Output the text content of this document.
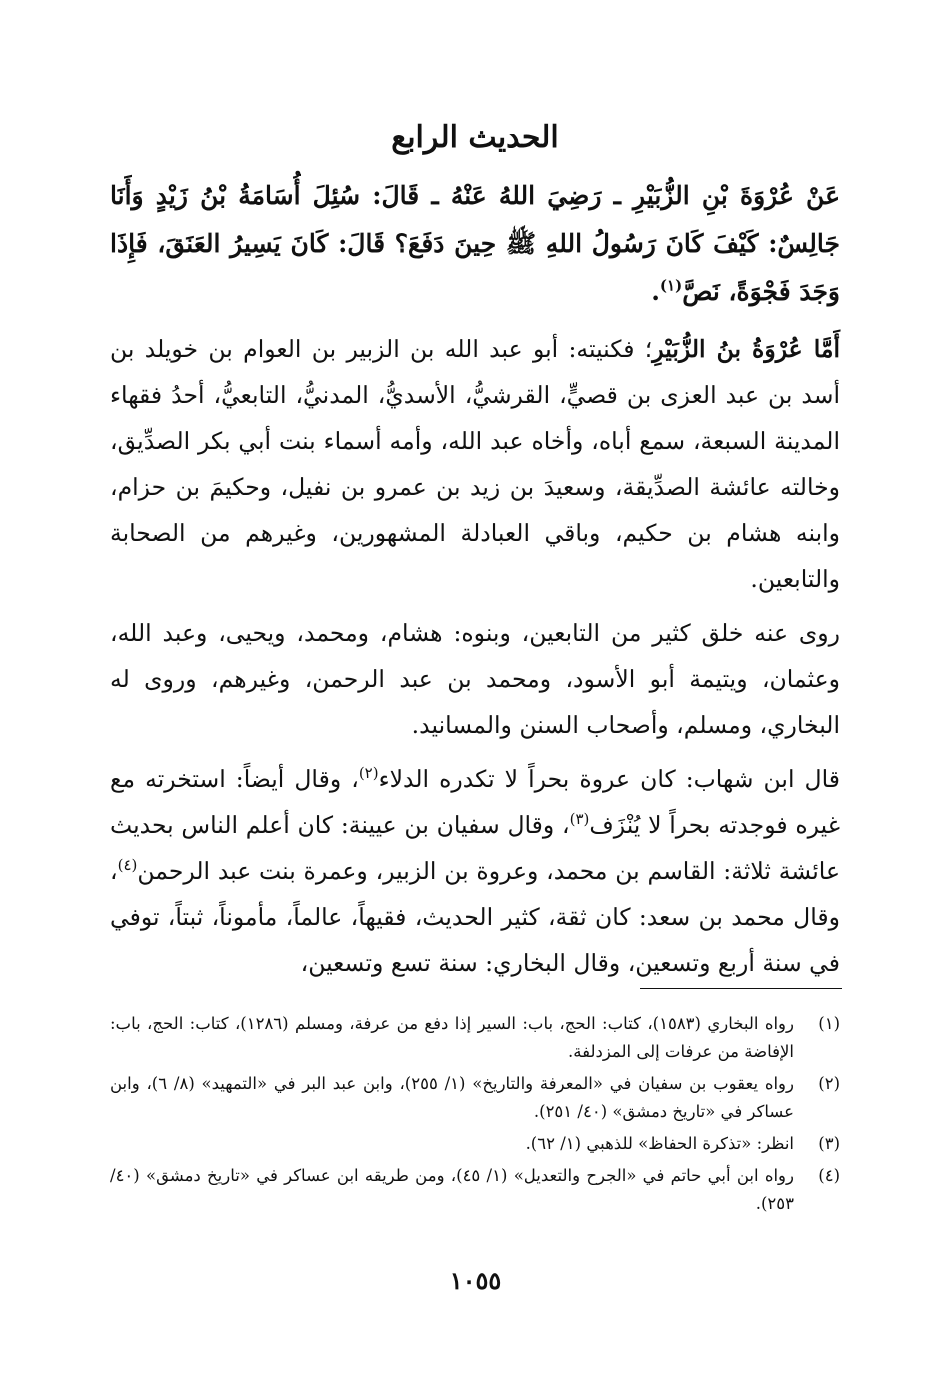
الحديث الرابع

عَنْ عُرْوَةَ بْنِ الزُّبَيْرِ ـ رَضِيَ اللهُ عَنْهُ ـ قَالَ: سُئِلَ أُسَامَةُ بْنُ زَيْدٍ وَأَنَا جَالِسٌ: كَيْفَ كَانَ رَسُولُ اللهِ ﷺ حِينَ دَفَعَ؟ قَالَ: كَانَ يَسِيرُ العَنَقَ، فَإِذَا وَجَدَ فَجْوَةً، نَصَّ$^{(١)}$.

أَمَّا عُرْوَةُ بنُ الزُّبَيْرِ؛ فكنيته: أبو عبد الله بن الزبير بن العوام بن خويلد بن أسد بن عبد العزى بن قصيٍّ، القرشيُّ، الأسديُّ، المدنيُّ، التابعيُّ، أحدُ فقهاء المدينة السبعة، سمع أباه، وأخاه عبد الله، وأمه أسماء بنت أبي بكر الصدِّيق، وخالته عائشة الصدِّيقة، وسعيدَ بن زيد بن عمرو بن نفيل، وحكيمَ بن حزام، وابنه هشام بن حكيم، وباقي العبادلة المشهورين، وغيرهم من الصحابة والتابعين.

روى عنه خلق كثير من التابعين، وبنوه: هشام، ومحمد، ويحيى، وعبد الله، وعثمان، ويتيمة أبو الأسود، ومحمد بن عبد الرحمن، وغيرهم، وروى له البخاري، ومسلم، وأصحاب السنن والمسانيد.

قال ابن شهاب: كان عروة بحراً لا تكدره الدلاء$^{(٢)}$، وقال أيضاً: استخرته مع غيره فوجدته بحراً لا يُنْزَف$^{(٣)}$، وقال سفيان بن عيينة: كان أعلم الناس بحديث عائشة ثلاثة: القاسم بن محمد، وعروة بن الزبير، وعمرة بنت عبد الرحمن$^{(٤)}$، وقال محمد بن سعد: كان ثقة، كثير الحديث، فقيهاً، عالماً، مأموناً، ثبتاً، توفي في سنة أربع وتسعين، وقال البخاري: سنة تسع وتسعين،

(١)
رواه البخاري (١٥٨٣)، كتاب: الحج، باب: السير إذا دفع من عرفة، ومسلم (١٢٨٦)، كتاب: الحج، باب: الإفاضة من عرفات إلى المزدلفة.
(٢)
رواه يعقوب بن سفيان في «المعرفة والتاريخ» (١/ ٢٥٥)، وابن عبد البر في «التمهيد» (٨/ ٦)، وابن عساكر في «تاريخ دمشق» (٤٠/ ٢٥١).
(٣)
انظر: «تذكرة الحفاظ» للذهبي (١/ ٦٢).
(٤)
رواه ابن أبي حاتم في «الجرح والتعديل» (١/ ٤٥)، ومن طريقه ابن عساكر في «تاريخ دمشق» (٤٠/ ٢٥٣).
١٠٥٥
